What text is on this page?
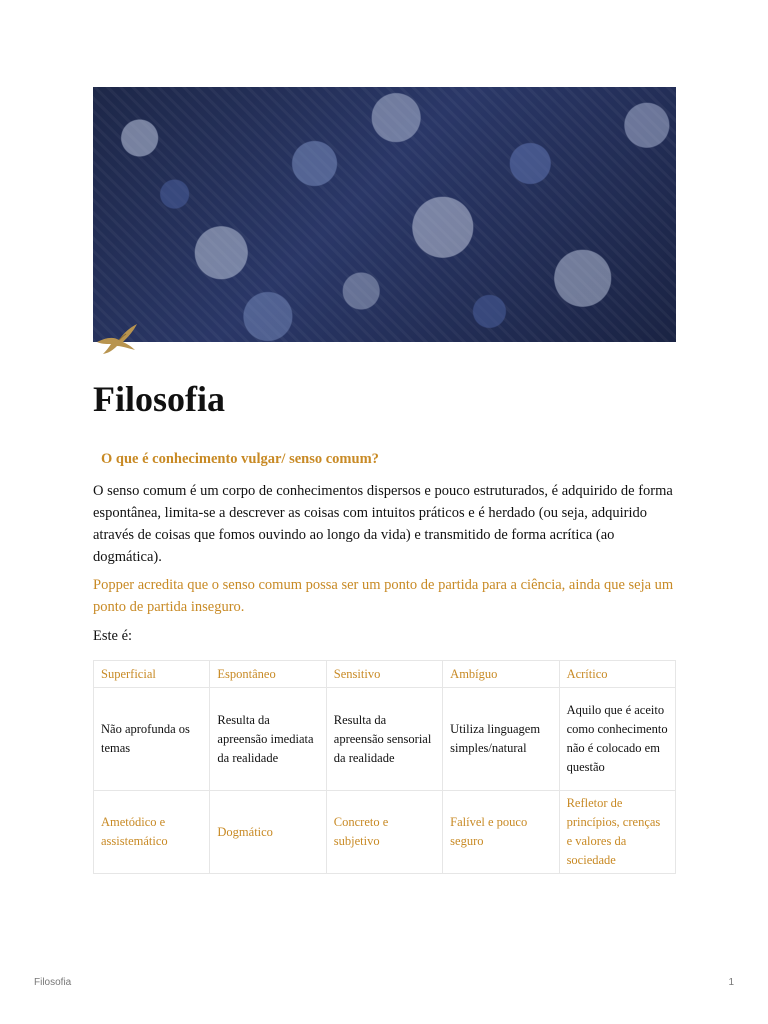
Filosofia

O que é conhecimento vulgar/ senso comum?

O senso comum é um corpo de conhecimentos dispersos e pouco estruturados, é adquirido de forma espontânea, limita-se a descrever as coisas com intuitos práticos e é herdado (ou seja, adquirido através de coisas que fomos ouvindo ao longo da vida) e transmitido de forma acrítica (ao dogmática).

Popper acredita que o senso comum possa ser um ponto de partida para a ciência, ainda que seja um ponto de partida inseguro.

Este é:

Superficial	Espontâneo	Sensitivo	Ambíguo	Acrítico
Não aprofunda os temas	Resulta da apreensão imediata da realidade	Resulta da apreensão sensorial da realidade	Utiliza linguagem simples/natural	Aquilo que é aceito como conhecimento não é colocado em questão
Ametódico e assistemático	Dogmático	Concreto e subjetivo	Falível e pouco seguro	Refletor de princípios, crenças e valores da sociedade
Filosofia	1
